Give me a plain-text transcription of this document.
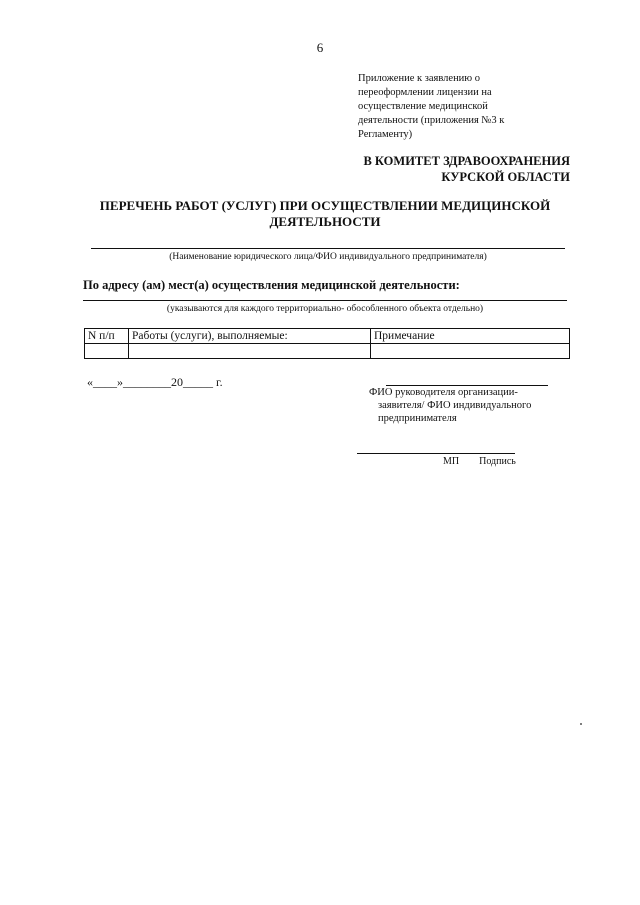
6
Приложение к заявлению о
переоформлении лицензии на
осуществление медицинской
деятельности (приложения №3 к
Регламенту)
В КОМИТЕТ ЗДРАВООХРАНЕНИЯ
КУРСКОЙ ОБЛАСТИ
ПЕРЕЧЕНЬ РАБОТ (УСЛУГ) ПРИ ОСУЩЕСТВЛЕНИИ МЕДИЦИНСКОЙ
ДЕЯТЕЛЬНОСТИ
(Наименование юридического лица/ФИО индивидуального предпринимателя)
По адресу (ам) мест(а) осуществления медицинской деятельности:
(указываются для каждого территориально- обособленного объекта отдельно)
N п/п	Работы (услуги), выполняемые:	Примечание

«____»________20_____ г.
ФИО руководителя организации-
заявителя/ ФИО индивидуального
предпринимателя
МП        Подпись
